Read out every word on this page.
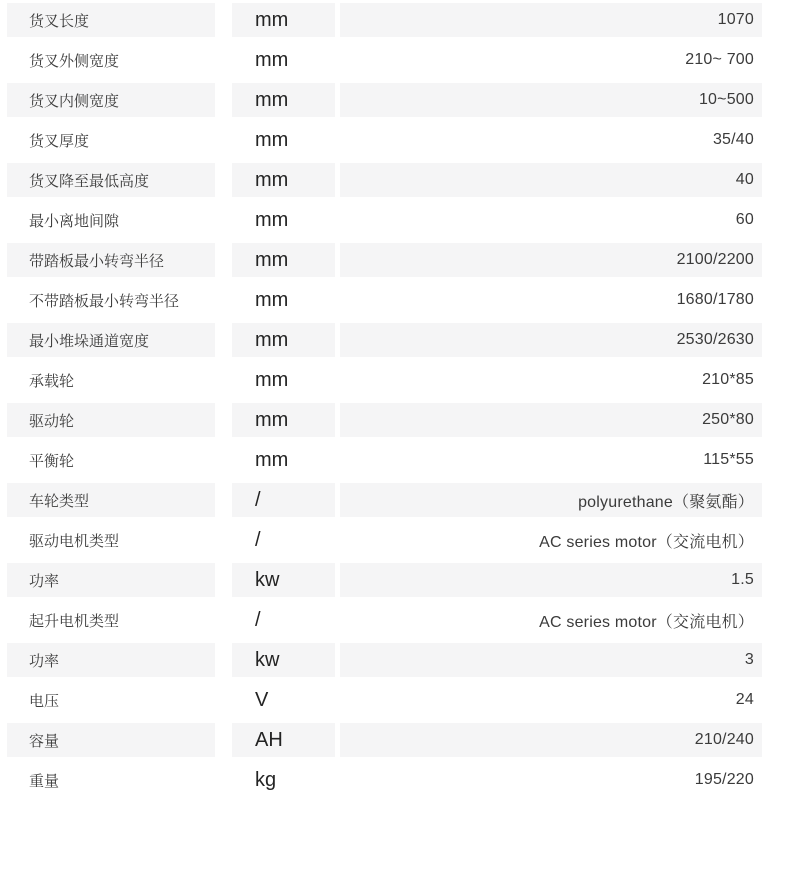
货叉长度	mm	1070
货叉外侧宽度	mm	210~ 700
货叉内侧宽度	mm	10~500
货叉厚度	mm	35/40
货叉降至最低高度	mm	40
最小离地间隙	mm	60
带踏板最小转弯半径	mm	2100/2200
不带踏板最小转弯半径	mm	1680/1780
最小堆垛通道宽度	mm	2530/2630
承载轮	mm	210*85
驱动轮	mm	250*80
平衡轮	mm	115*55
车轮类型	/	polyurethane（聚氨酯）
驱动电机类型	/	AC series motor（交流电机）
功率	kw	1.5
起升电机类型	/	AC series motor（交流电机）
功率	kw	3
电压	V	24
容量	AH	210/240
重量	kg	195/220
